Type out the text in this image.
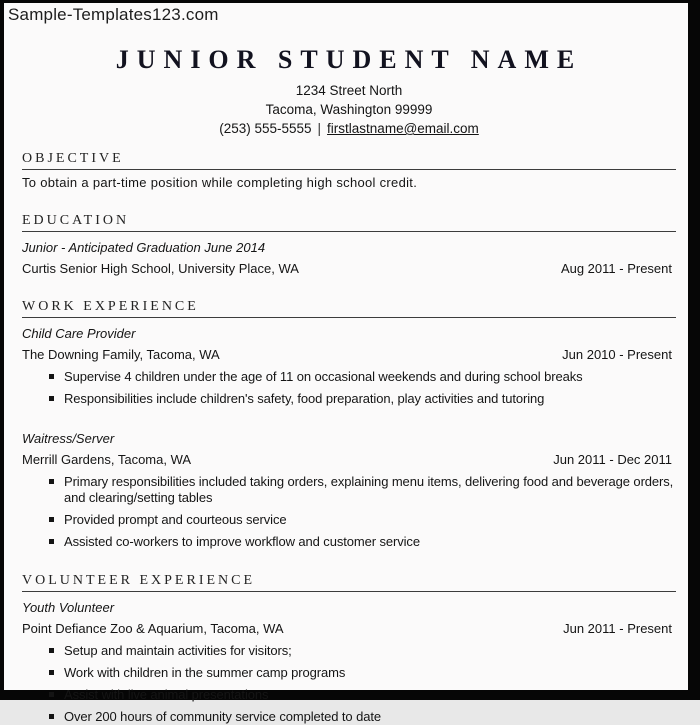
Sample-Templates123.com
JUNIOR STUDENT NAME
1234 Street North
Tacoma, Washington 99999
(253) 555-5555 | firstlastname@email.com
OBJECTIVE

To obtain a part-time position while completing high school credit.

EDUCATION
Junior - Anticipated Graduation June 2014
Curtis Senior High School, University Place, WA	Aug 2011 - Present
WORK EXPERIENCE
Child Care Provider
The Downing Family, Tacoma, WA	Jun 2010 - Present
Supervise 4 children under the age of 11 on occasional weekends and during school breaks
Responsibilities include children's safety, food preparation, play activities and tutoring
Waitress/Server
Merrill Gardens, Tacoma, WA	Jun 2011 - Dec 2011
Primary responsibilities included taking orders, explaining menu items, delivering food and beverage orders, and clearing/setting tables
Provided prompt and courteous service
Assisted co-workers to improve workflow and customer service
VOLUNTEER EXPERIENCE
Youth Volunteer
Point Defiance Zoo & Aquarium, Tacoma, WA	Jun 2011 - Present
Setup and maintain activities for visitors;
Work with children in the summer camp programs
Assist with live animal presentations
Over 200 hours of community service completed to date
